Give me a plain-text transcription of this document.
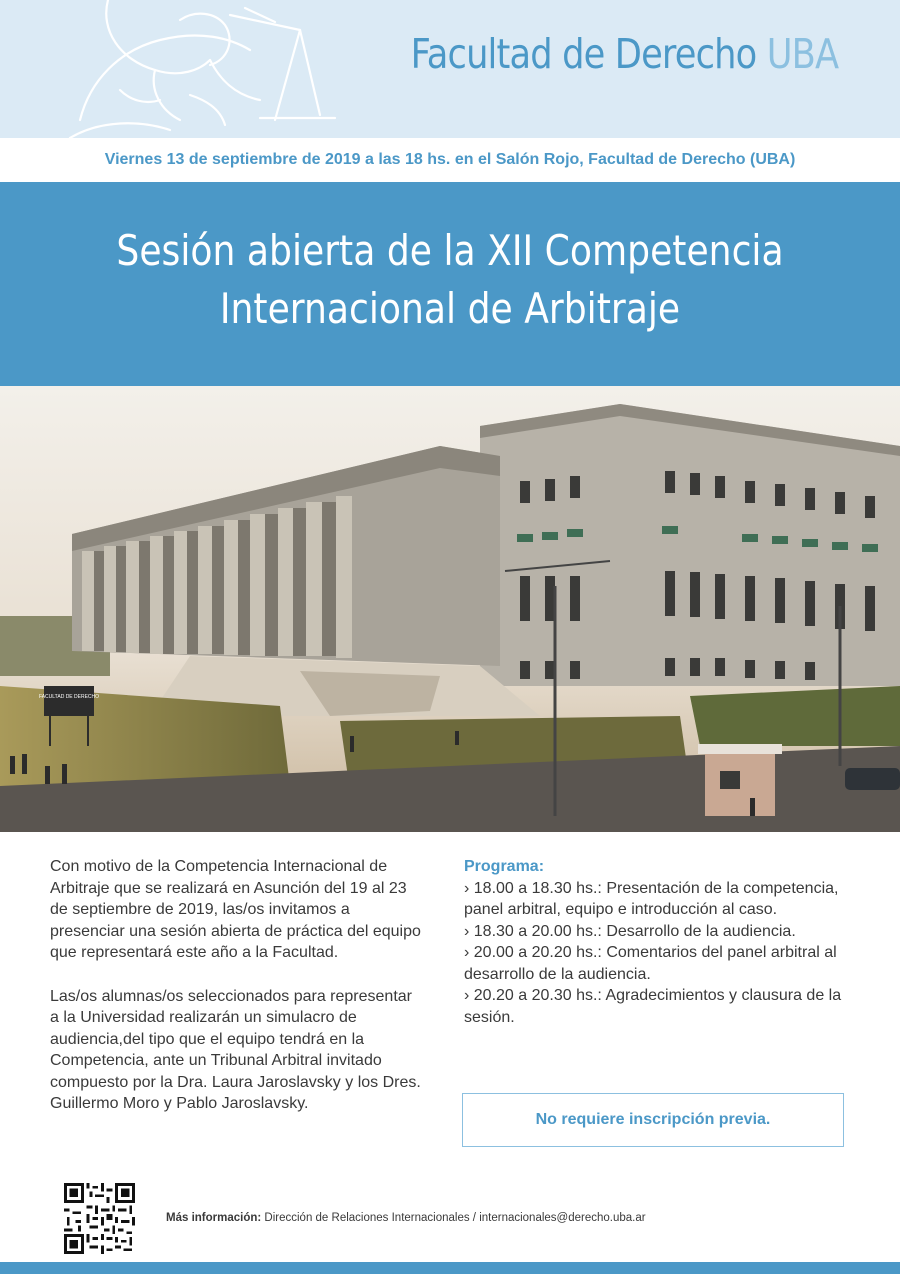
Facultad de Derecho UBA
Viernes 13 de septiembre de 2019 a las 18 hs. en el Salón Rojo, Facultad de Derecho (UBA)
Sesión abierta de la XII Competencia
Internacional de Arbitraje
FACULTAD DE DERECHO

Con motivo de la Competencia Internacional de Arbitraje que se realizará en Asunción del 19 al 23 de septiembre de 2019, las/os invitamos a presenciar una sesión abierta de práctica del equipo que representará este año a la Facultad.

Las/os alumnas/os seleccionados para representar a la Universidad realizarán un simulacro de audiencia,del tipo que el equipo tendrá en la Competencia, ante un Tribunal Arbitral invitado compuesto por la Dra. Laura Jaroslavsky y los Dres. Guillermo Moro y Pablo Jaroslavsky.

Programa:
› 18.00 a 18.30 hs.: Presentación de la competencia, panel arbitral, equipo e introducción al caso.
› 18.30 a 20.00 hs.: Desarrollo de la audiencia.
› 20.00 a 20.20 hs.: Comentarios del panel arbitral al desarrollo de la audiencia.
› 20.20 a 20.30 hs.: Agradecimientos y clausura de la sesión.
No requiere inscripción previa.
Más información: Dirección de Relaciones Internacionales / internacionales@derecho.uba.ar
